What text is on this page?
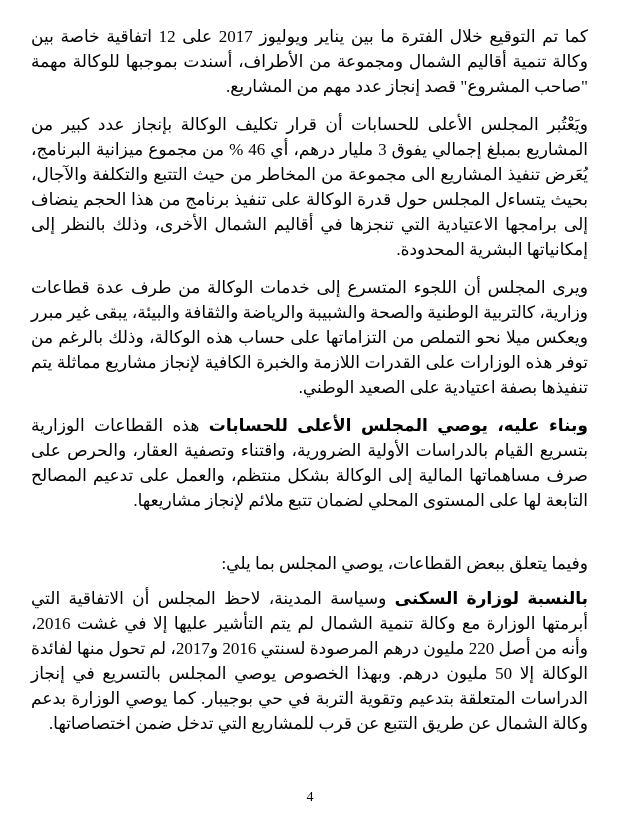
كما تم التوقيع خلال الفترة ما بين يناير ويوليوز 2017 على 12 اتفاقية خاصة بين وكالة تنمية أقاليم الشمال ومجموعة من الأطراف، أسندت بموجبها للوكالة مهمة "صاحب المشروع" قصد إنجاز عدد مهم من المشاريع.

ويَعْتُبر المجلس الأعلى للحسابات أن قرار تكليف الوكالة بإنجاز عدد كبير من المشاريع بمبلغ إجمالي يفوق 3 مليار درهم، أي 46 % من مجموع ميزانية البرنامج، يُعَرض تنفيذ المشاريع الى مجموعة من المخاطر من حيث التتبع والتكلفة والآجال، بحيث يتساءل المجلس حول قدرة الوكالة على تنفيذ برنامج من هذا الحجم ينضاف إلى برامجها الاعتيادية التي تنجزها في أقاليم الشمال الأخرى، وذلك بالنظر إلى إمكانياتها البشرية المحدودة.

ويرى المجلس أن اللجوء المتسرع إلى خدمات الوكالة من طرف عدة قطاعات وزارية، كالتربية الوطنية والصحة والشبيبة والرياضة والثقافة والبيئة، يبقى غير مبرر ويعكس ميلا نحو التملص من التزاماتها على حساب هذه الوكالة، وذلك بالرغم من توفر هذه الوزارات على القدرات اللازمة والخبرة الكافية لإنجاز مشاريع مماثلة يتم تنفيذها بصفة اعتيادية على الصعيد الوطني.

وبناء عليه، يوصي المجلس الأعلى للحسابات هذه القطاعات الوزارية بتسريع القيام بالدراسات الأولية الضرورية، واقتناء وتصفية العقار، والحرص على صرف مساهماتها المالية إلى الوكالة بشكل منتظم، والعمل على تدعيم المصالح التابعة لها على المستوى المحلي لضمان تتبع ملائم لإنجاز مشاريعها.

وفيما يتعلق ببعض القطاعات، يوصي المجلس بما يلي:

بالنسبة لوزارة السكنى وسياسة المدينة، لاحظ المجلس أن الاتفاقية التي أبرمتها الوزارة مع وكالة تنمية الشمال لم يتم التأشير عليها إلا في غشت 2016، وأنه من أصل 220 مليون درهم المرصودة لسنتي 2016 و2017، لم تحول منها لفائدة الوكالة إلا 50 مليون درهم. وبهذا الخصوص يوصي المجلس بالتسريع في إنجاز الدراسات المتعلقة بتدعيم وتقوية التربة في حي بوجيبار. كما يوصي الوزارة بدعم وكالة الشمال عن طريق التتبع عن قرب للمشاريع التي تدخل ضمن اختصاصاتها.

4
